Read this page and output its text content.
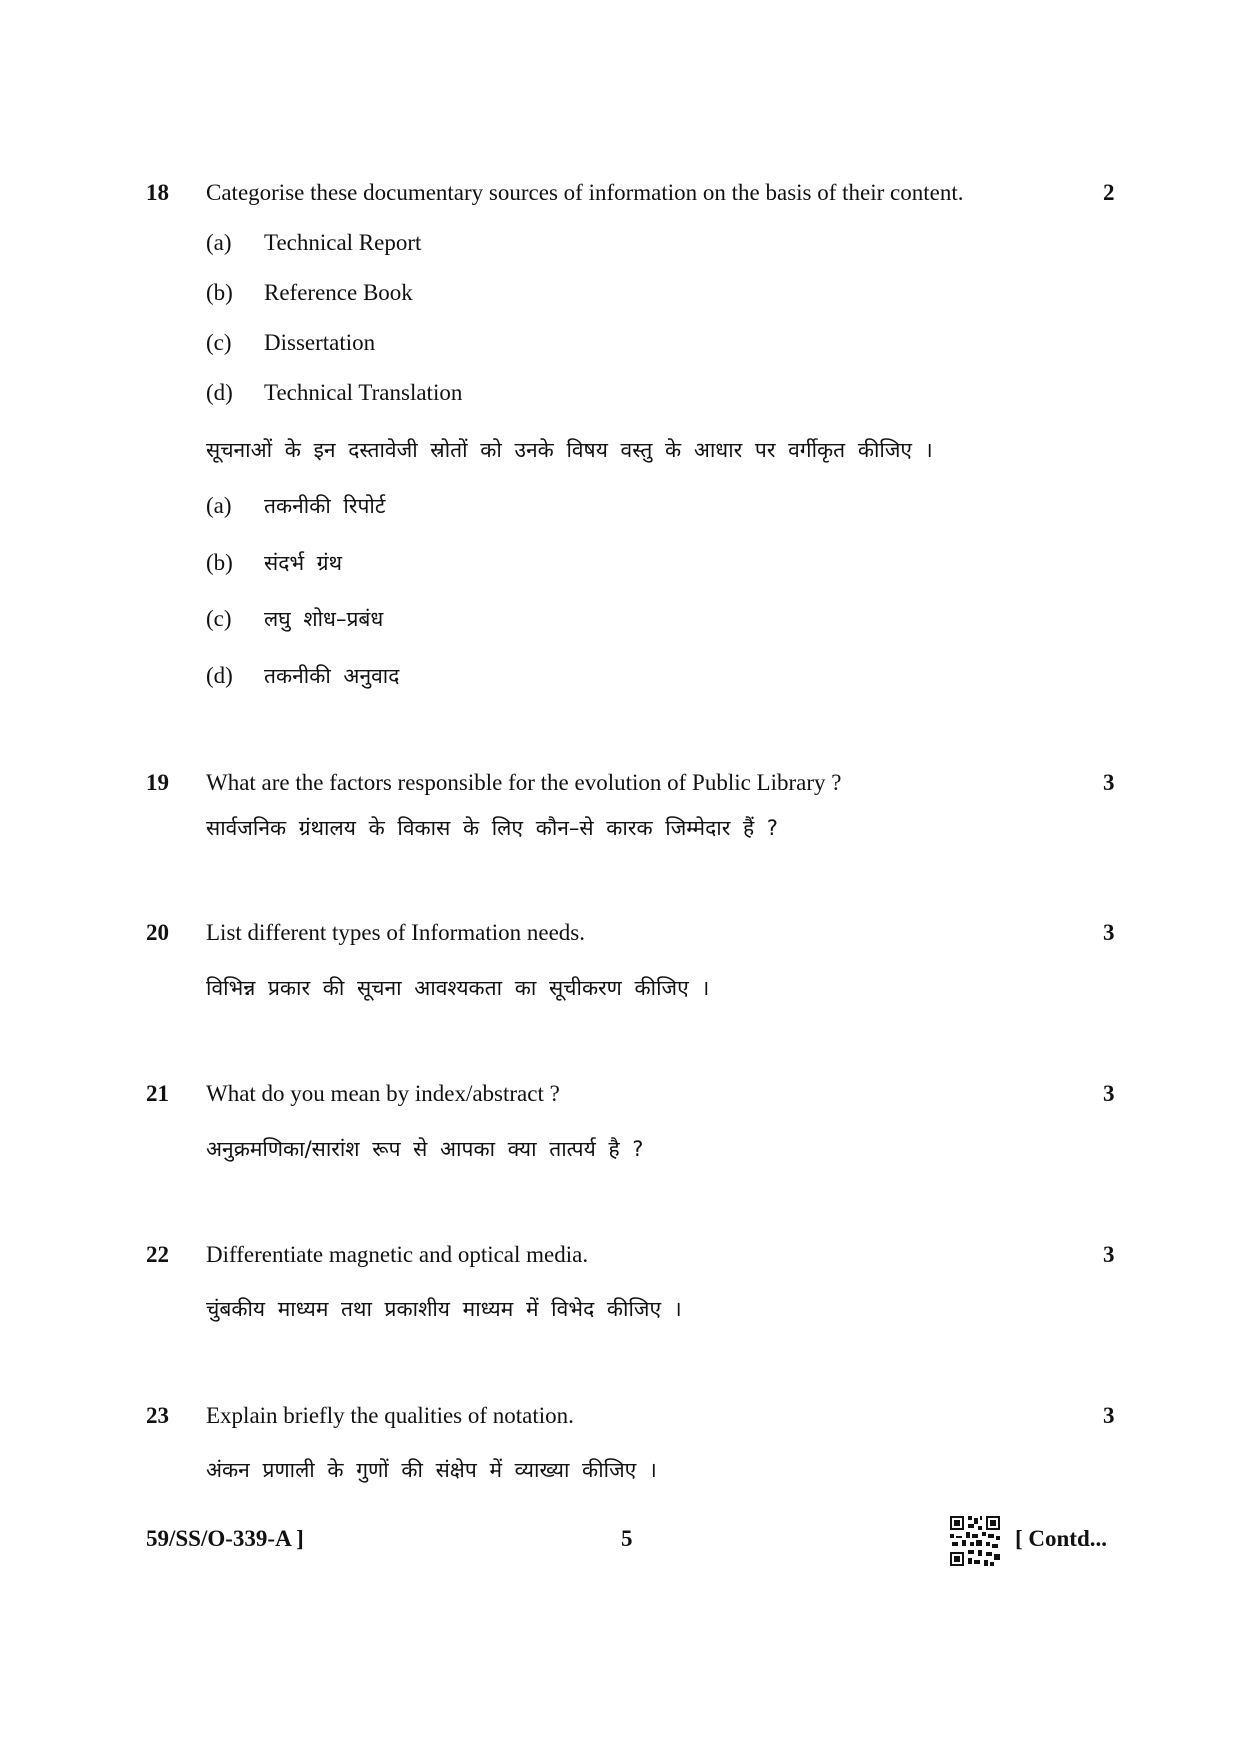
18 Categorise these documentary sources of information on the basis of their content.	2
(a) Technical Report
(b) Reference Book
(c) Dissertation
(d) Technical Translation
सूचनाओं के इन दस्तावेजी स्रोतों को उनके विषय वस्तु के आधार पर वर्गीकृत कीजिए ।
(a) तकनीकी रिपोर्ट
(b) संदर्भ ग्रंथ
(c) लघु शोध–प्रबंध
(d) तकनीकी अनुवाद
19 What are the factors responsible for the evolution of Public Library ?	3
सार्वजनिक ग्रंथालय के विकास के लिए कौन–से कारक जिम्मेदार हैं ?
20 List different types of Information needs.	3
विभिन्न प्रकार की सूचना आवश्यकता का सूचीकरण कीजिए ।
21 What do you mean by index/abstract ?	3
अनुक्रमणिका/सारांश रूप से आपका क्या तात्पर्य है ?
22 Differentiate magnetic and optical media.	3
चुंबकीय माध्यम तथा प्रकाशीय माध्यम में विभेद कीजिए ।
23 Explain briefly the qualities of notation.	3
अंकन प्रणाली के गुणों की संक्षेप में व्याख्या कीजिए ।
59/SS/O-339-A ]	5	[ Contd...
